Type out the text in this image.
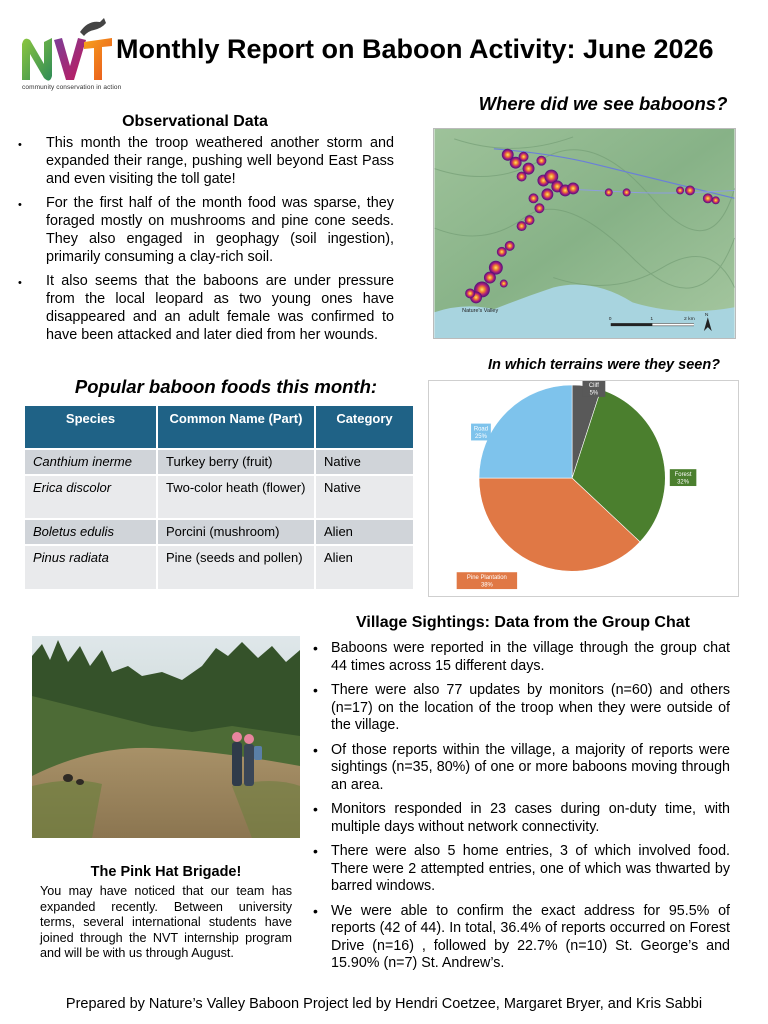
community conservation in action
Monthly Report on Baboon Activity: June 2026
Observational Data
• This month the troop weathered another storm and expanded their range, pushing well beyond East Pass and even visiting the toll gate!
• For the first half of the month food was sparse, they foraged mostly on mushrooms and pine cone seeds. They also engaged in geophagy (soil ingestion), primarily consuming a clay-rich soil.
• It also seems that the baboons are under pressure from the local leopard as two young ones have disappeared and an adult female was confirmed to have been attacked and later died from her wounds.
Popular baboon foods this month:
Species	Common Name (Part)	Category
Canthium inerme	Turkey berry (fruit)	Native
Erica discolor	Two-color heath (flower)	Native
Boletus edulis	Porcini (mushroom)	Alien
Pinus radiata	Pine (seeds and pollen)	Alien
Where did we see baboons?
Nature's Valley
0	1	2 km
N
In which terrains were they seen?
Cliff
5%
Forest
32%
Pine Plantation
38%
Road
25%
The Pink Hat Brigade!
You may have noticed that our team has expanded recently. Between university terms, several international students have joined through the NVT internship program and will be with us through August.
Village Sightings: Data from the Group Chat
• Baboons were reported in the village through the group chat 44 times across 15 different days.
• There were also 77 updates by monitors (n=60) and others (n=17) on the location of the troop when they were outside of the village.
• Of those reports within the village, a majority of reports were sightings (n=35, 80%) of one or more baboons moving through an area.
• Monitors responded in 23 cases during on-duty time, with multiple days without network connectivity.
• There were also 5 home entries, 3 of which involved food. There were 2 attempted entries, one of which was thwarted by barred windows.
• We were able to confirm the exact address for 95.5% of reports (42 of 44). In total, 36.4% of reports occurred on Forest Drive (n=16) , followed by 22.7% (n=10) St. George’s and 15.90% (n=7) St. Andrew’s.
Prepared by Nature’s Valley Baboon Project led by Hendri Coetzee, Margaret Bryer, and Kris Sabbi
